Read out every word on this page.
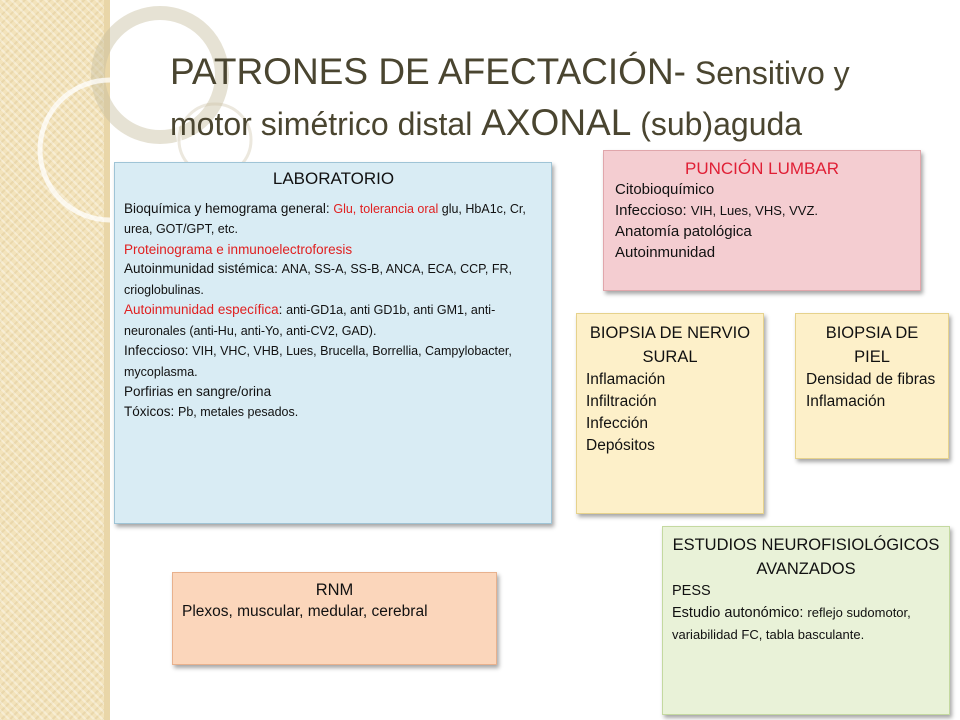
PATRONES DE AFECTACIÓN- Sensitivo y
motor simétrico distal AXONAL (sub)aguda
LABORATORIO
Bioquímica y hemograma general: Glu, tolerancia oral glu, HbA1c, Cr, urea, GOT/GPT, etc.
Proteinograma e inmunoelectroforesis
Autoinmunidad sistémica: ANA, SS-A, SS-B, ANCA, ECA, CCP, FR, crioglobulinas.
Autoinmunidad específica: anti-GD1a, anti GD1b, anti GM1, anti-neuronales (anti-Hu, anti-Yo, anti-CV2, GAD).
Infeccioso: VIH, VHC, VHB, Lues, Brucella, Borrellia, Campylobacter, mycoplasma.
Porfirias en sangre/orina
Tóxicos: Pb, metales pesados.
PUNCIÓN LUMBAR
Citobioquímico
Infeccioso: VIH, Lues, VHS, VVZ.
Anatomía patológica
Autoinmunidad
BIOPSIA DE NERVIO SURAL
Inflamación
Infiltración
Infección
Depósitos
BIOPSIA DE PIEL
Densidad de fibras
Inflamación
ESTUDIOS NEUROFISIOLÓGICOS AVANZADOS
PESS
Estudio autonómico: reflejo sudomotor, variabilidad FC, tabla basculante.
RNM
Plexos, muscular, medular, cerebral
